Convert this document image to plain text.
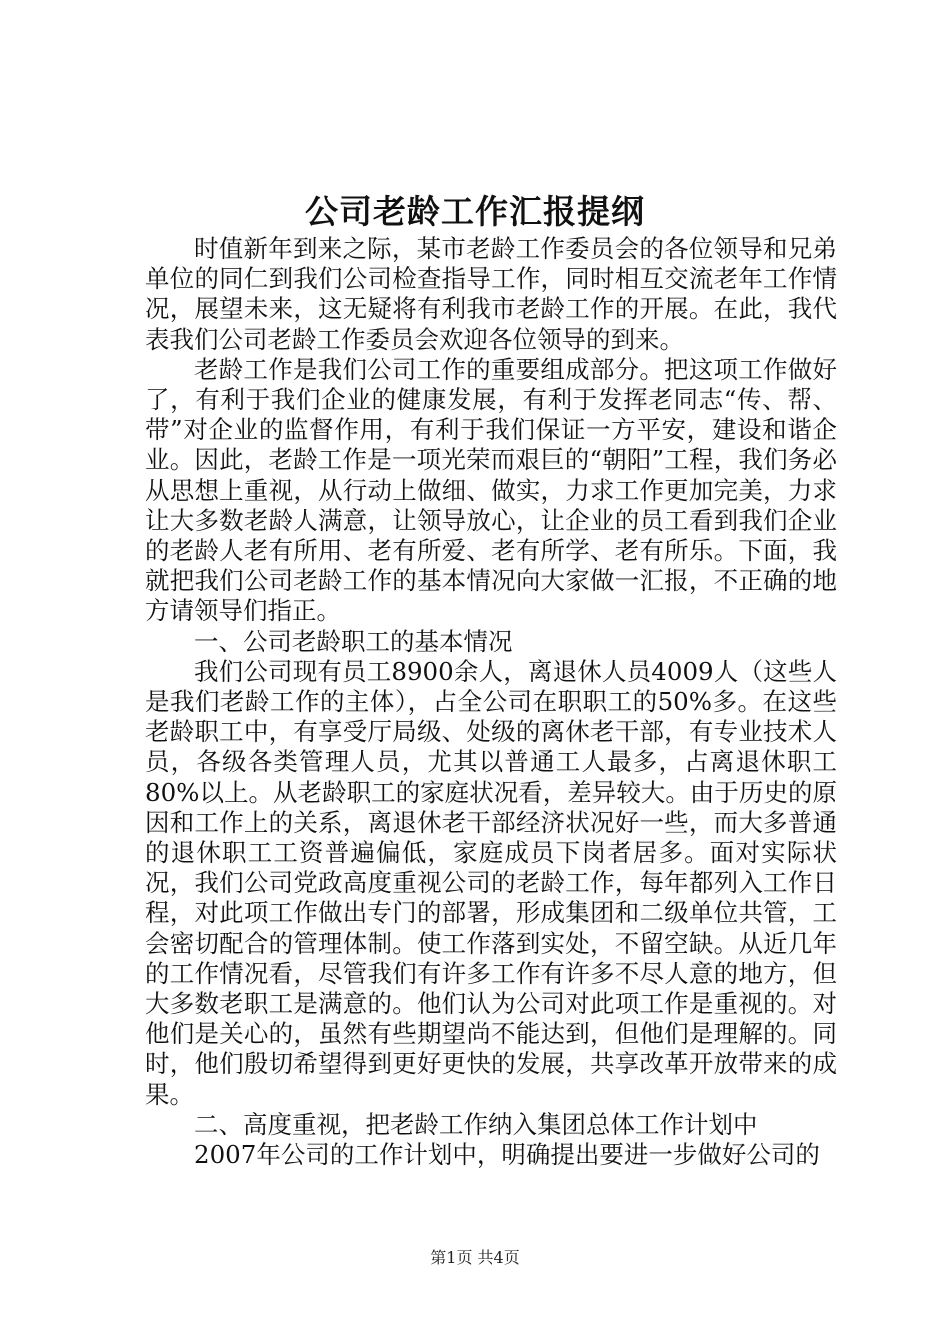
公司老龄工作汇报提纲

时值新年到来之际，某市老龄工作委员会的各位领导和兄弟单位的同仁到我们公司检查指导工作，同时相互交流老年工作情况，展望未来，这无疑将有利我市老龄工作的开展。在此，我代表我们公司老龄工作委员会欢迎各位领导的到来。

老龄工作是我们公司工作的重要组成部分。把这项工作做好了，有利于我们企业的健康发展，有利于发挥老同志“传、帮、带”对企业的监督作用，有利于我们保证一方平安，建设和谐企业。因此，老龄工作是一项光荣而艰巨的“朝阳”工程，我们务必从思想上重视，从行动上做细、做实，力求工作更加完美，力求让大多数老龄人满意，让领导放心，让企业的员工看到我们企业的老龄人老有所用、老有所爱、老有所学、老有所乐。下面，我就把我们公司老龄工作的基本情况向大家做一汇报，不正确的地方请领导们指正。

一、公司老龄职工的基本情况

我们公司现有员工8900余人，离退休人员4009人（这些人是我们老龄工作的主体），占全公司在职职工的50%多。在这些老龄职工中，有享受厅局级、处级的离休老干部，有专业技术人员，各级各类管理人员，尤其以普通工人最多，占离退休职工80%以上。从老龄职工的家庭状况看，差异较大。由于历史的原因和工作上的关系，离退休老干部经济状况好一些，而大多普通的退休职工工资普遍偏低，家庭成员下岗者居多。面对实际状况，我们公司党政高度重视公司的老龄工作，每年都列入工作日程，对此项工作做出专门的部署，形成集团和二级单位共管，工会密切配合的管理体制。使工作落到实处，不留空缺。从近几年的工作情况看，尽管我们有许多工作有许多不尽人意的地方，但大多数老职工是满意的。他们认为公司对此项工作是重视的。对他们是关心的，虽然有些期望尚不能达到，但他们是理解的。同时，他们殷切希望得到更好更快的发展，共享改革开放带来的成果。

二、高度重视，把老龄工作纳入集团总体工作计划中

2007年公司的工作计划中，明确提出要进一步做好公司的

第1页 共4页
